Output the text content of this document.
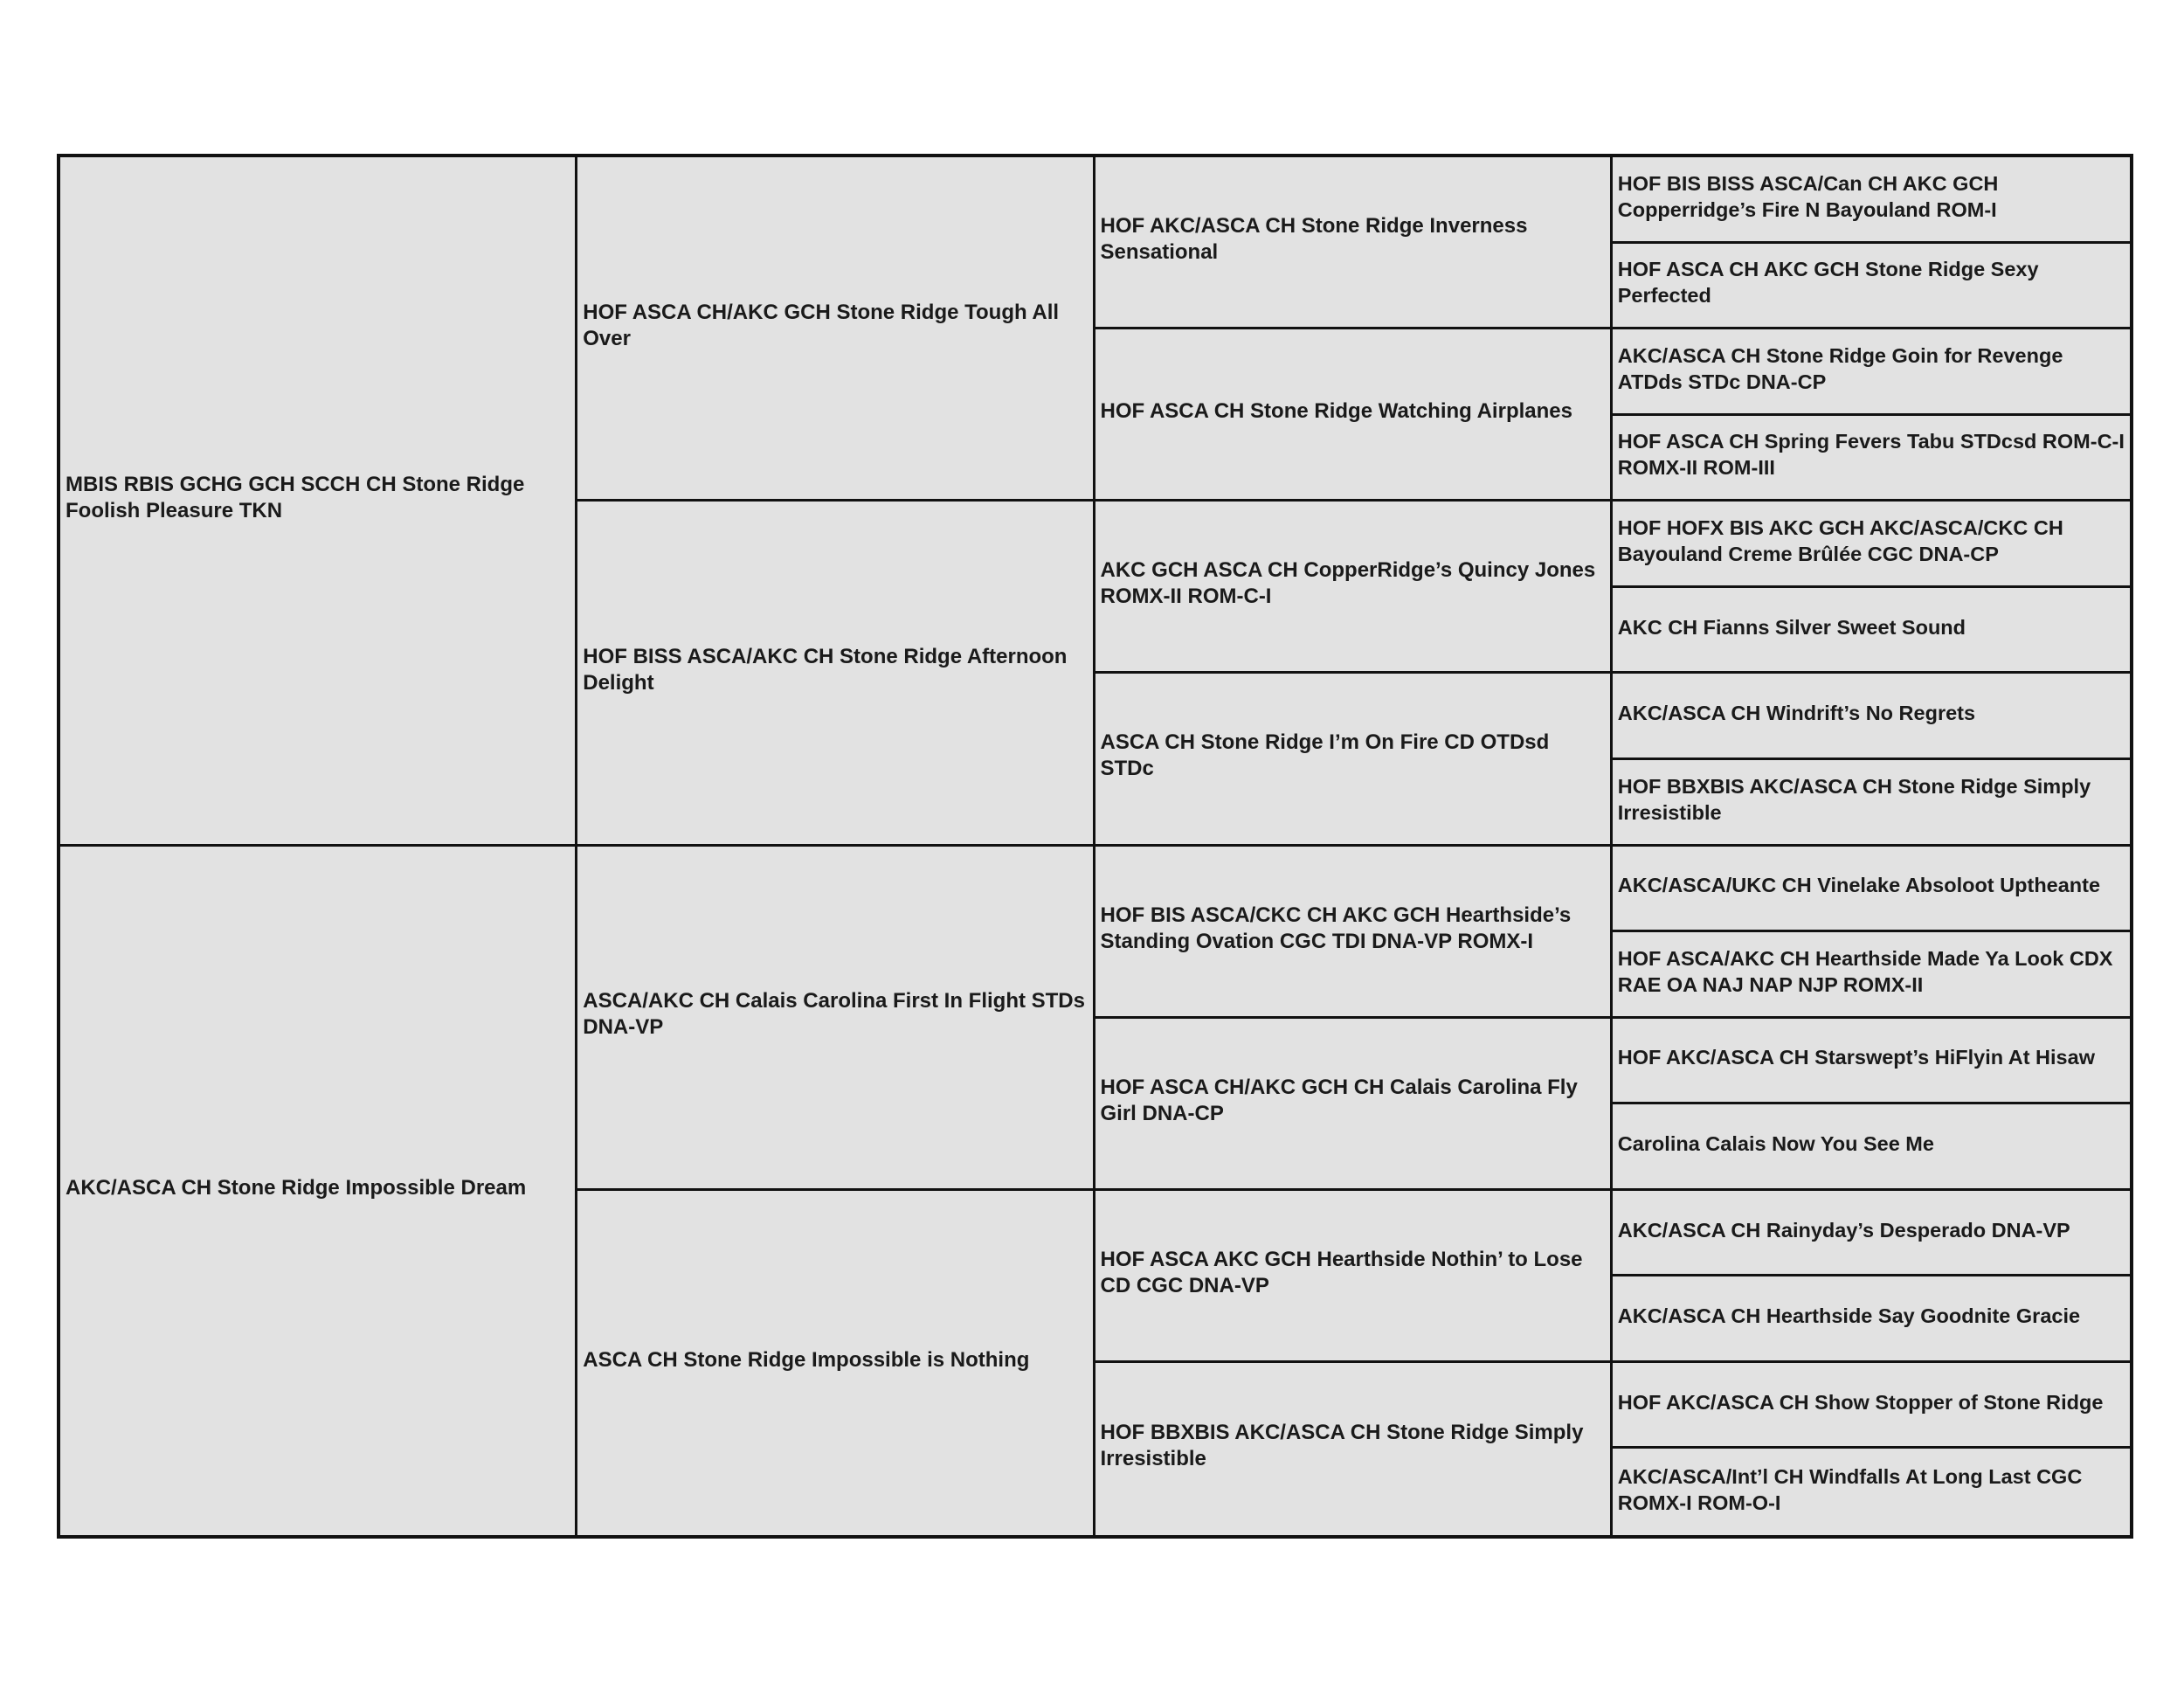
MBIS RBIS GCHG GCH SCCH CH Stone Ridge Foolish Pleasure TKN
AKC/ASCA CH Stone Ridge Impossible Dream
HOF ASCA CH/AKC GCH Stone Ridge Tough All Over
HOF BISS ASCA/AKC CH Stone Ridge Afternoon Delight
ASCA/AKC CH Calais Carolina First In Flight STDs DNA-VP
ASCA CH Stone Ridge Impossible is Nothing
HOF AKC/ASCA CH Stone Ridge Inverness Sensational
HOF ASCA CH Stone Ridge Watching Airplanes
AKC GCH ASCA CH CopperRidge’s Quincy Jones ROMX-II ROM-C-I
ASCA CH Stone Ridge I’m On Fire CD OTDsd STDc
HOF BIS ASCA/CKC CH AKC GCH Hearthside’s Standing Ovation CGC TDI DNA-VP ROMX-I
HOF ASCA CH/AKC GCH CH Calais Carolina Fly Girl DNA-CP
HOF ASCA AKC GCH Hearthside Nothin’ to Lose CD CGC DNA-VP
HOF BBXBIS AKC/ASCA CH Stone Ridge Simply Irresistible
HOF BIS BISS ASCA/Can CH AKC GCH Copperridge’s Fire N Bayouland ROM-I
HOF ASCA CH AKC GCH Stone Ridge Sexy Perfected
AKC/ASCA CH Stone Ridge Goin for Revenge ATDds STDc DNA-CP
HOF ASCA CH Spring Fevers Tabu STDcsd ROM-C-I ROMX-II ROM-III
HOF HOFX BIS AKC GCH AKC/ASCA/CKC CH Bayouland Creme Brûlée CGC DNA-CP
AKC CH Fianns Silver Sweet Sound
AKC/ASCA CH Windrift’s No Regrets
HOF BBXBIS AKC/ASCA CH Stone Ridge Simply Irresistible
AKC/ASCA/UKC CH Vinelake Absoloot Uptheante
HOF ASCA/AKC CH Hearthside Made Ya Look CDX RAE OA NAJ NAP NJP ROMX-II
HOF AKC/ASCA CH Starswept’s HiFlyin At Hisaw
Carolina Calais Now You See Me
AKC/ASCA CH Rainyday’s Desperado DNA-VP
AKC/ASCA CH Hearthside Say Goodnite Gracie
HOF AKC/ASCA CH Show Stopper of Stone Ridge
AKC/ASCA/Int’l CH Windfalls At Long Last CGC ROMX-I ROM-O-I
